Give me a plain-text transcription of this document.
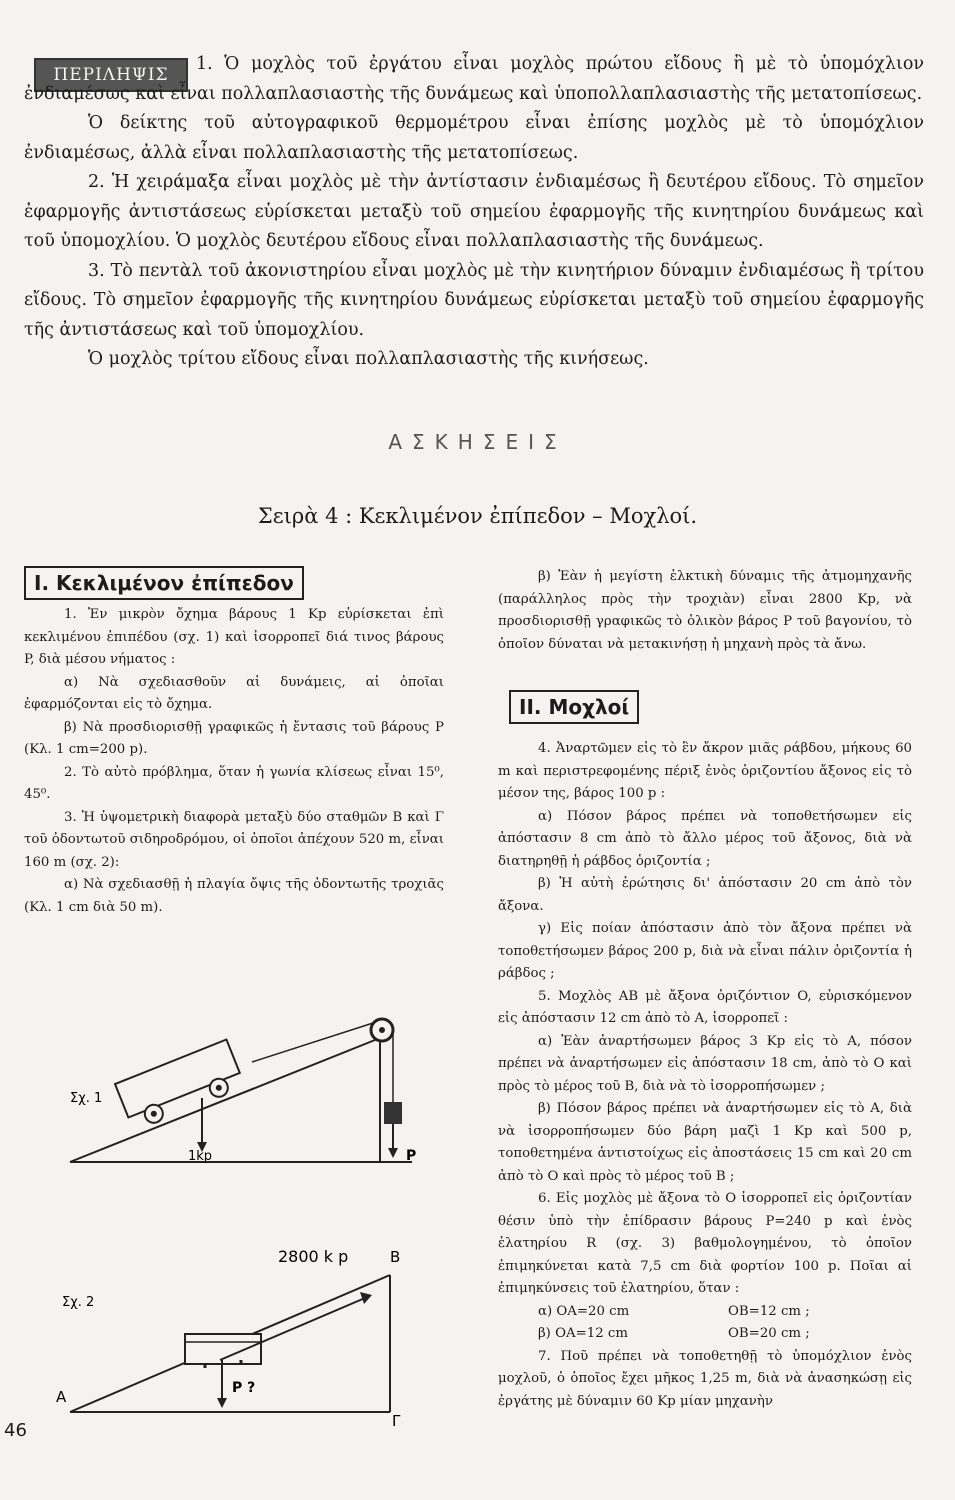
ΠΕΡΙΛΗΨΙΣ

1. Ὁ μοχλὸς τοῦ ἐργάτου εἶναι μοχλὸς πρώτου εἴδους ἢ μὲ τὸ ὑπομόχλιον ἐνδιαμέσως καὶ εἶναι πολλαπλασιαστὴς τῆς δυνάμεως καὶ ὑποπολλαπλασιαστὴς τῆς μετατοπίσεως.

Ὁ δείκτης τοῦ αὐτογραφικοῦ θερμομέτρου εἶναι ἐπίσης μοχλὸς μὲ τὸ ὑπομόχλιον ἐνδιαμέσως, ἀλλὰ εἶναι πολλαπλασιαστὴς τῆς μετατοπίσεως.

2. Ἡ χειράμαξα εἶναι μοχλὸς μὲ τὴν ἀντίστασιν ἐνδιαμέσως ἢ δευτέρου εἴδους. Τὸ σημεῖον ἐφαρμογῆς ἀντιστάσεως εὑρίσκεται μεταξὺ τοῦ σημείου ἐφαρμογῆς τῆς κινητηρίου δυνάμεως καὶ τοῦ ὑπομοχλίου. Ὁ μοχλὸς δευτέρου εἴδους εἶναι πολλαπλασιαστὴς τῆς δυνάμεως.

3. Τὸ πεντὰλ τοῦ ἀκονιστηρίου εἶναι μοχλὸς μὲ τὴν κινητήριον δύναμιν ἐνδιαμέσως ἢ τρίτου εἴδους. Τὸ σημεῖον ἐφαρμογῆς τῆς κινητηρίου δυνάμεως εὑρίσκεται μεταξὺ τοῦ σημείου ἐφαρμογῆς τῆς ἀντιστάσεως καὶ τοῦ ὑπομοχλίου.

Ὁ μοχλὸς τρίτου εἴδους εἶναι πολλαπλασιαστὴς τῆς κινήσεως.

ΑΣΚΗΣΕΙΣ
Σειρὰ 4 : Κεκλιμένον ἐπίπεδον – Μοχλοί.
I. Κεκλιμένον ἐπίπεδον

1. Ἐν μικρὸν ὄχημα βάρους 1 Kp εὑρίσκεται ἐπὶ κεκλιμένου ἐπιπέδου (σχ. 1) καὶ ἰσορροπεῖ διά τινος βάρους P, διὰ μέσου νήματος :

α) Νὰ σχεδιασθοῦν αἱ δυνάμεις, αἱ ὁποῖαι ἐφαρμόζονται εἰς τὸ ὄχημα.

β) Νὰ προσδιορισθῇ γραφικῶς ἡ ἔντασις τοῦ βάρους P (Κλ. 1 cm=200 p).

2. Τὸ αὐτὸ πρόβλημα, ὅταν ἡ γωνία κλίσεως εἶναι 15⁰, 45⁰.

3. Ἡ ὑψομετρικὴ διαφορὰ μεταξὺ δύο σταθμῶν B καὶ Γ τοῦ ὀδοντωτοῦ σιδηροδρόμου, οἱ ὁποῖοι ἀπέχουν 520 m, εἶναι 160 m (σχ. 2):

α) Νὰ σχεδιασθῇ ἡ πλαγία ὄψις τῆς ὀδοντωτῆς τροχιᾶς (Κλ. 1 cm διὰ 50 m).

β) Ἐὰν ἡ μεγίστη ἑλκτικὴ δύναμις τῆς ἀτμομηχανῆς (παράλληλος πρὸς τὴν τροχιὰν) εἶναι 2800 Kp, νὰ προσδιορισθῇ γραφικῶς τὸ ὁλικὸν βάρος P τοῦ βαγονίου, τὸ ὁποῖον δύναται νὰ μετακινήσῃ ἡ μηχανὴ πρὸς τὰ ἄνω.

II. Μοχλοί

4. Ἀναρτῶμεν εἰς τὸ ἓν ἄκρον μιᾶς ράβδου, μήκους 60 m καὶ περιστρεφομένης πέριξ ἑνὸς ὁριζοντίου ἄξονος εἰς τὸ μέσον της, βάρος 100 p :

α) Πόσον βάρος πρέπει νὰ τοποθετήσωμεν εἰς ἀπόστασιν 8 cm ἀπὸ τὸ ἄλλο μέρος τοῦ ἄξονος, διὰ νὰ διατηρηθῇ ἡ ράβδος ὁριζοντία ;

β) Ἡ αὐτὴ ἐρώτησις δι' ἀπόστασιν 20 cm ἀπὸ τὸν ἄξονα.

γ) Εἰς ποίαν ἀπόστασιν ἀπὸ τὸν ἄξονα πρέπει νὰ τοποθετήσωμεν βάρος 200 p, διὰ νὰ εἶναι πάλιν ὁριζοντία ἡ ράβδος ;

5. Μοχλὸς AB μὲ ἄξονα ὁριζόντιον O, εὑρισκόμενον εἰς ἀπόστασιν 12 cm ἀπὸ τὸ A, ἰσορροπεῖ :

α) Ἐὰν ἀναρτήσωμεν βάρος 3 Kp εἰς τὸ A, πόσον πρέπει νὰ ἀναρτήσωμεν εἰς ἀπόστασιν 18 cm, ἀπὸ τὸ O καὶ πρὸς τὸ μέρος τοῦ B, διὰ νὰ τὸ ἰσορροπήσωμεν ;

β) Πόσον βάρος πρέπει νὰ ἀναρτήσωμεν εἰς τὸ A, διὰ νὰ ἰσορροπήσωμεν δύο βάρη μαζὶ 1 Kp καὶ 500 p, τοποθετημένα ἀντιστοίχως εἰς ἀποστάσεις 15 cm καὶ 20 cm ἀπὸ τὸ O καὶ πρὸς τὸ μέρος τοῦ B ;

6. Εἰς μοχλὸς μὲ ἄξονα τὸ O ἰσορροπεῖ εἰς ὁριζοντίαν θέσιν ὑπὸ τὴν ἐπίδρασιν βάρους P=240 p καὶ ἑνὸς ἐλατηρίου R (σχ. 3) βαθμολογημένου, τὸ ὁποῖον ἐπιμηκύνεται κατὰ 7,5 cm διὰ φορτίον 100 p. Ποῖαι αἱ ἐπιμηκύνσεις τοῦ ἐλατηρίου, ὅταν :

α) OA=20 cm	OB=12 cm ;
β) OA=12 cm	OB=20 cm ;

7. Ποῦ πρέπει νὰ τοποθετηθῇ τὸ ὑπομόχλιον ἑνὸς μοχλοῦ, ὁ ὁποῖος ἔχει μῆκος 1,25 m, διὰ νὰ ἀνασηκώσῃ εἰς ἐργάτης μὲ δύναμιν 60 Kp μίαν μηχανὴν

Σχ. 1
1kp	P
Σχ. 2
2800 k p	B
P ?
A
Γ
46
